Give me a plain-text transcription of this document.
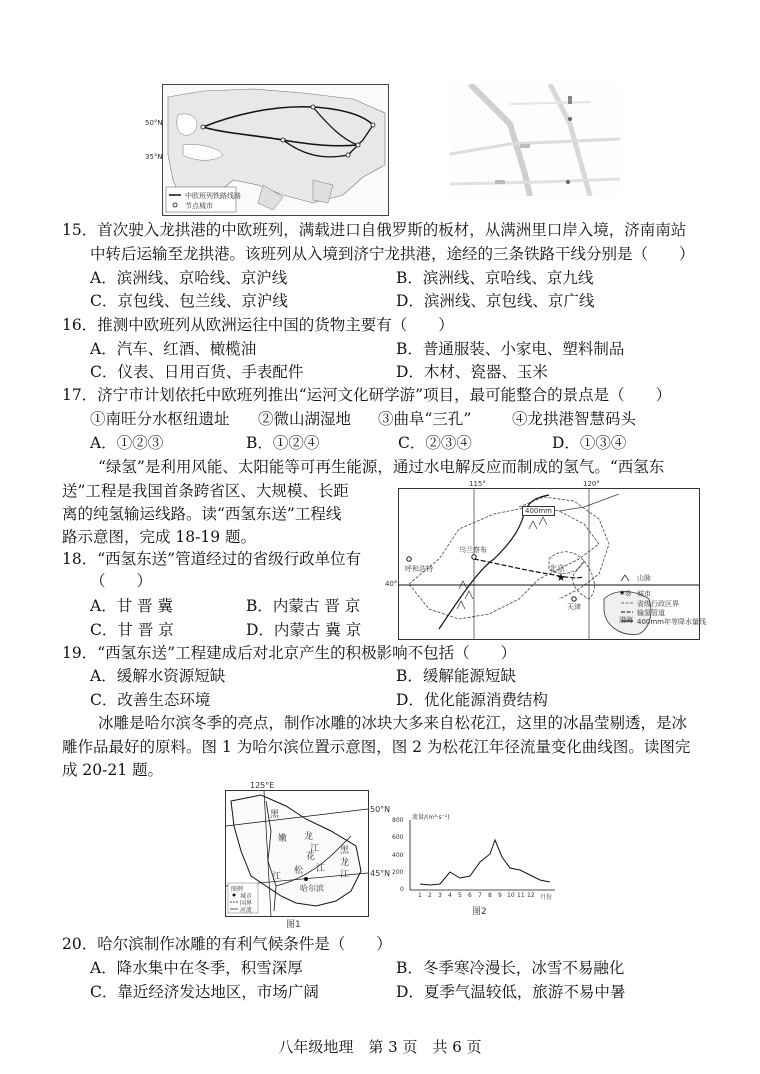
50°N
35°N
中欧班列铁路线路
节点城市
15．首次驶入龙拱港的中欧班列，满载进口自俄罗斯的板材，从满洲里口岸入境，济南南站
中转后运输至龙拱港。该班列从入境到济宁龙拱港，途经的三条铁路干线分别是（　　）
A．滨洲线、京哈线、京沪线	B．滨洲线、京哈线、京九线
C．京包线、包兰线、京沪线	D．滨洲线、京包线、京广线
16．推测中欧班列从欧洲运往中国的货物主要有（　　）
A．汽车、红酒、橄榄油	B．普通服装、小家电、塑料制品
C．仪表、日用百货、手表配件	D．木材、瓷器、玉米
17．济宁市计划依托中欧班列推出“运河文化研学游”项目，最可能整合的景点是（　　）
①南旺分水枢纽遗址 ②微山湖湿地 ③曲阜“三孔”	④龙拱港智慧码头
A．①②③	B．①②④	C．②③④	D．①③④
“绿氢”是利用风能、太阳能等可再生能源，通过水电解反应而制成的氢气。“西氢东
送”工程是我国首条跨省区、大规模、长距
离的纯氢输运线路。读“西氢东送”工程线
路示意图，完成 18-19 题。
★
★◎
115°	120°
40°
400mm
乌兰察布
呼和浩特	北京
天津
渤海
山脉
城市
省级行政区界
输氢管道
400mm年等降水量线
18．“西氢东送”管道经过的省级行政单位有
（　　）
A．甘 晋 冀	B．内蒙古 晋 京
C．甘 晋 京	D．内蒙古 冀 京
19．“西氢东送”工程建成后对北京产生的积极影响不包括（　　）
A．缓解水资源短缺	B．缓解能源短缺
C．改善生态环境	D．优化能源消费结构
冰雕是哈尔滨冬季的亮点，制作冰雕的冰块大多来自松花江，这里的冰晶莹剔透，是冰
雕作品最好的原料。图 1 为哈尔滨位置示意图，图 2 为松花江年径流量变化曲线图。读图完
成 20-21 题。
125°E
50°N
45°N
黑
龙
江
松
花
江
嫩
江
哈尔滨
黑
龙
江
图例
城市
国界
河流
图1
流量/(m³·s⁻¹)
800
600
400
200
0
1 2 3 4 5 6 7 8 9 10 11 12 月份
图2
20．哈尔滨制作冰雕的有利气候条件是（　　）
A．降水集中在冬季，积雪深厚	B．冬季寒冷漫长，冰雪不易融化
C．靠近经济发达地区，市场广阔	D．夏季气温较低，旅游不易中暑
八年级地理　第 3 页　共 6 页
